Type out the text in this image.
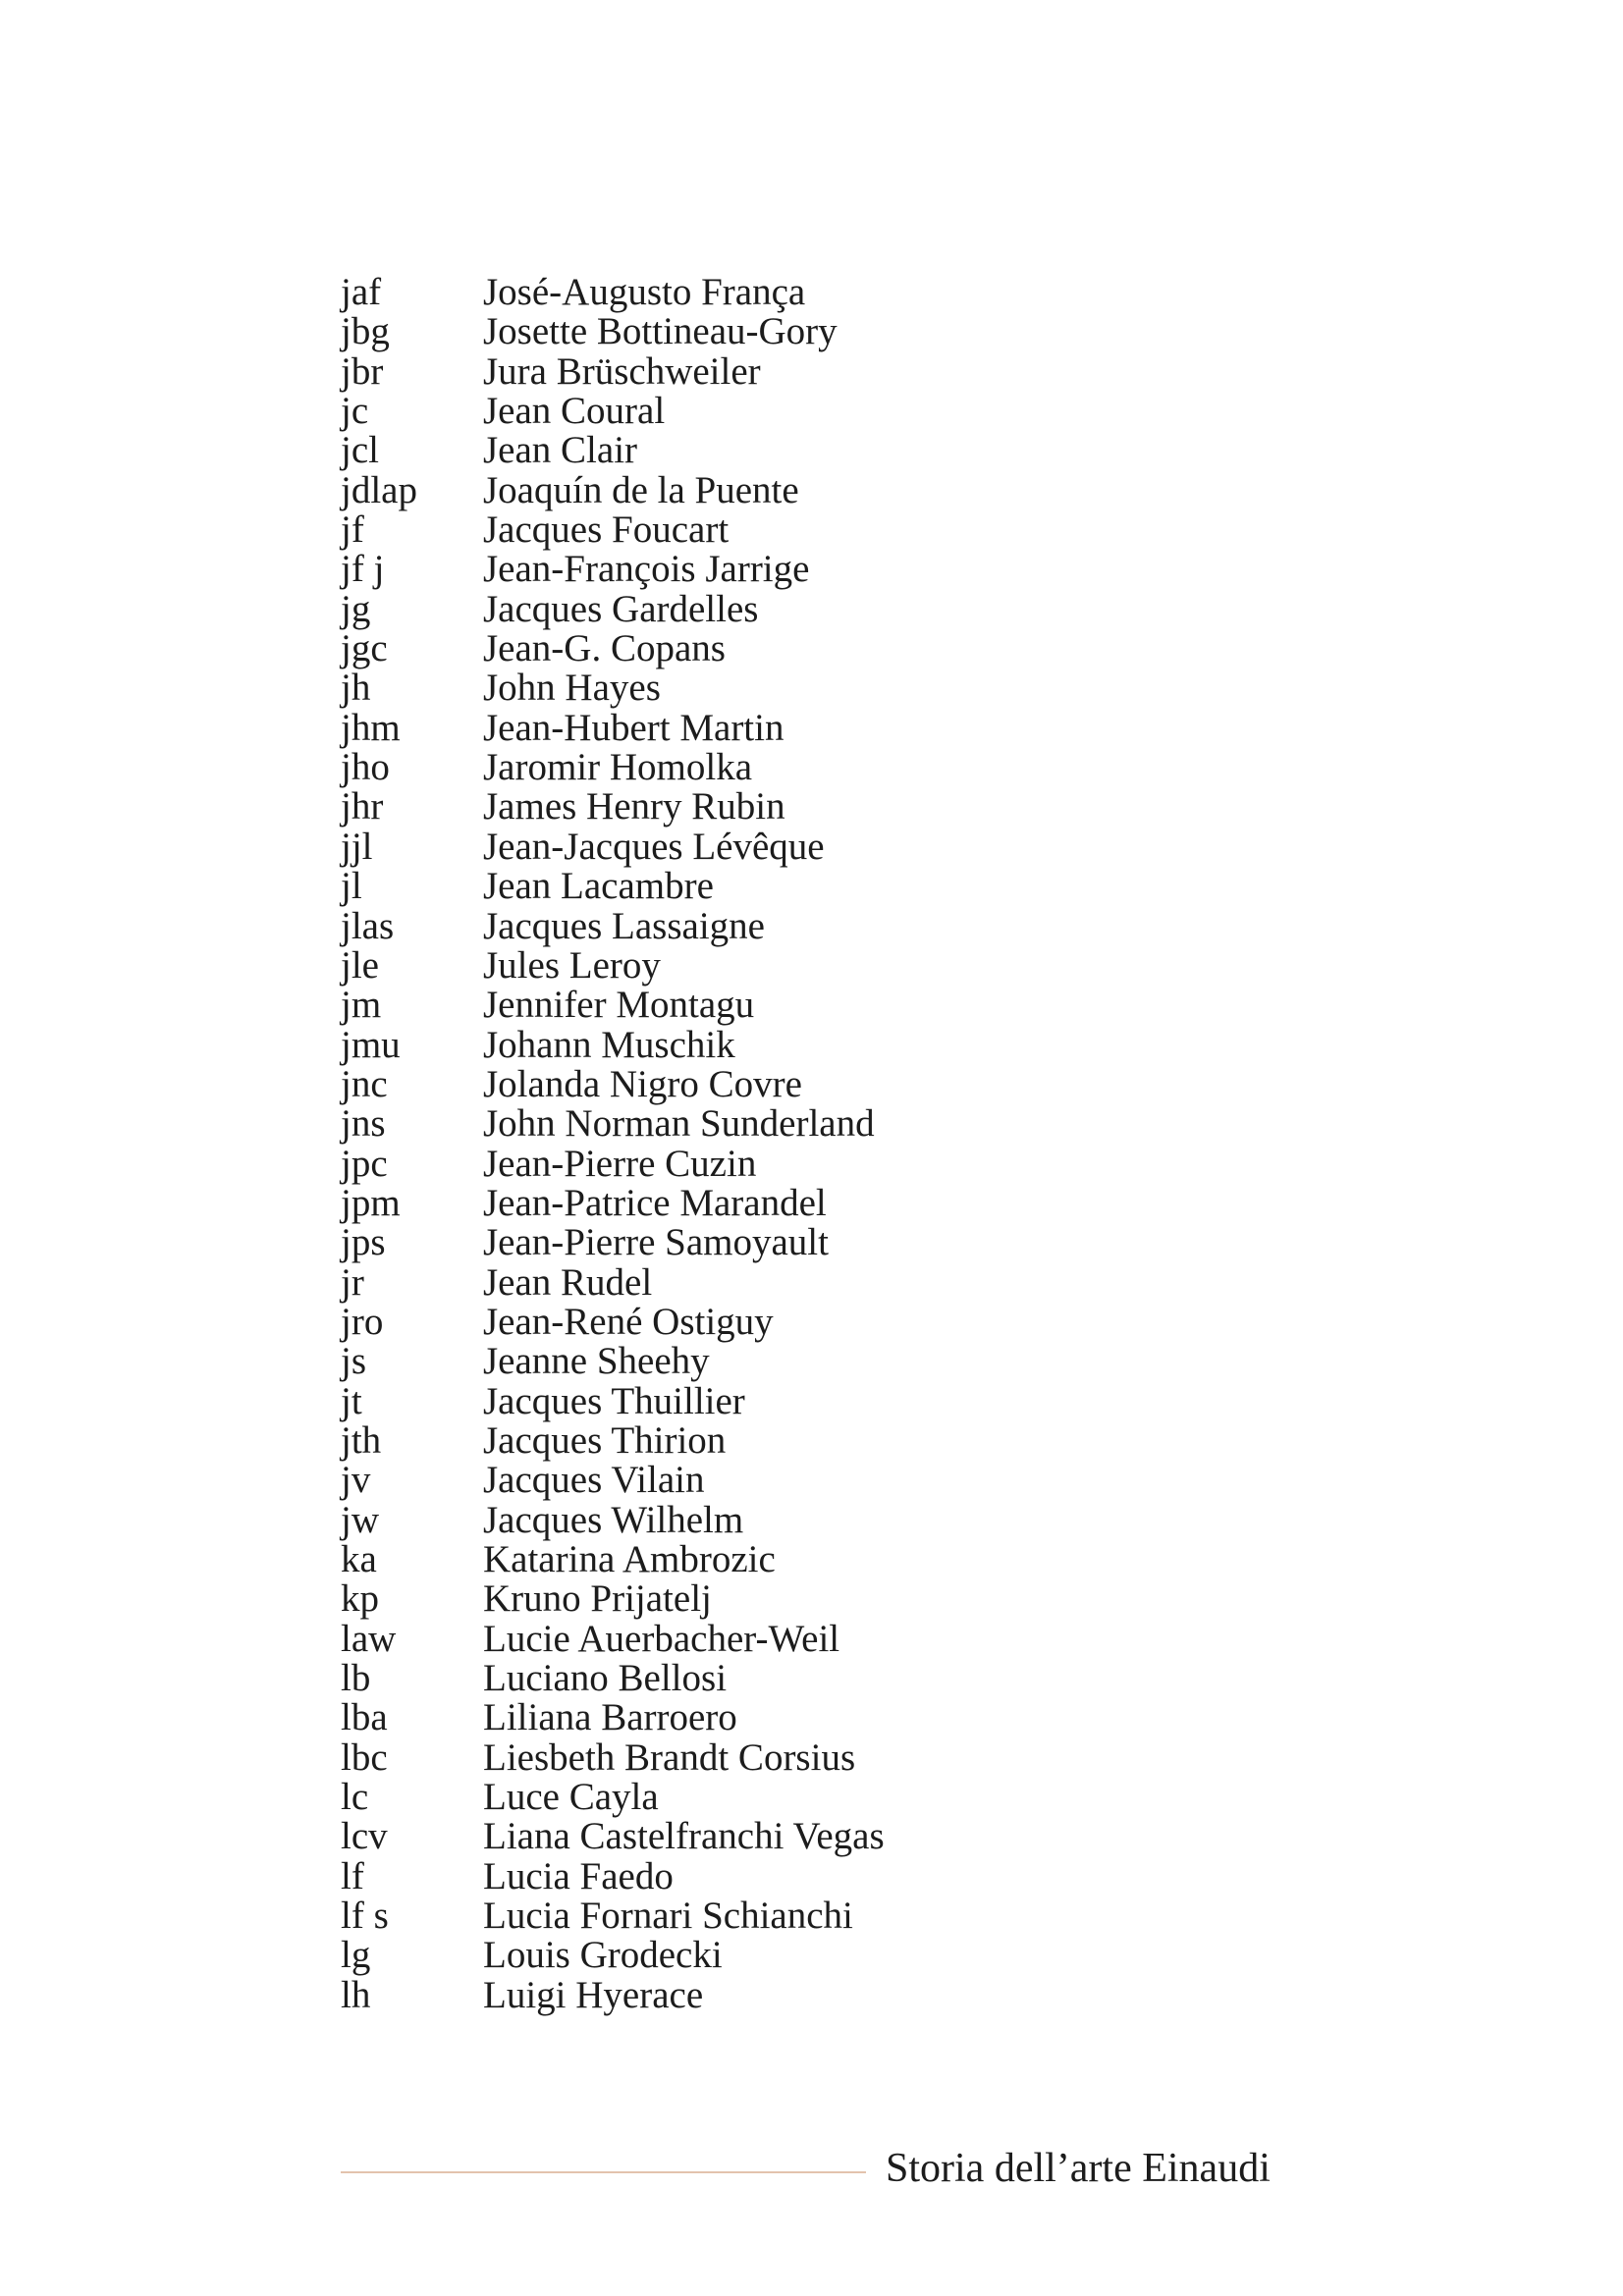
jaf	José-Augusto França
jbg	Josette Bottineau-Gory
jbr	Jura Brüschweiler
jc	Jean Coural
jcl	Jean Clair
jdlap	Joaquín de la Puente
jf	Jacques Foucart
jf j	Jean-François Jarrige
jg	Jacques Gardelles
jgc	Jean-G. Copans
jh	John Hayes
jhm	Jean-Hubert Martin
jho	Jaromir Homolka
jhr	James Henry Rubin
jjl	Jean-Jacques Lévêque
jl	Jean Lacambre
jlas	Jacques Lassaigne
jle	Jules Leroy
jm	Jennifer Montagu
jmu	Johann Muschik
jnc	Jolanda Nigro Covre
jns	John Norman Sunderland
jpc	Jean-Pierre Cuzin
jpm	Jean-Patrice Marandel
jps	Jean-Pierre Samoyault
jr	Jean Rudel
jro	Jean-René Ostiguy
js	Jeanne Sheehy
jt	Jacques Thuillier
jth	Jacques Thirion
jv	Jacques Vilain
jw	Jacques Wilhelm
ka	Katarina Ambrozic
kp	Kruno Prijatelj
law	Lucie Auerbacher-Weil
lb	Luciano Bellosi
lba	Liliana Barroero
lbc	Liesbeth Brandt Corsius
lc	Luce Cayla
lcv	Liana Castelfranchi Vegas
lf	Lucia Faedo
lf s	Lucia Fornari Schianchi
lg	Louis Grodecki
lh	Luigi Hyerace
Storia dell’arte Einaudi
